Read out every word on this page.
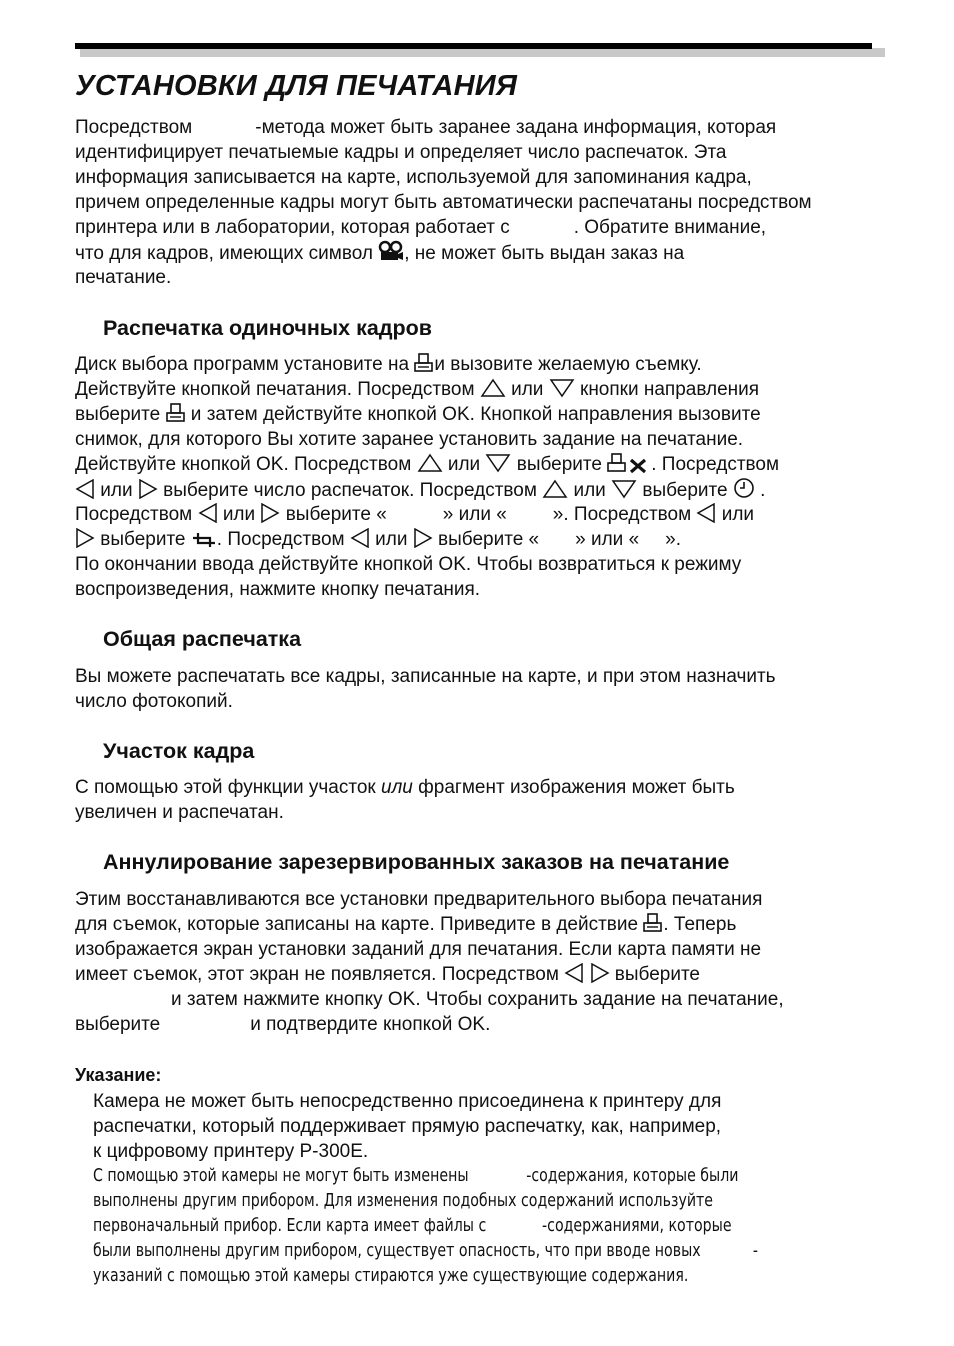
УСТАНОВКИ ДЛЯ ПЕЧАТАНИЯ

Посредством	-метода может быть заранее задана информация, которая

идентифицирует печатыемые кадры и определяет число распечаток. Эта

информация записывается на карте, используемой для запоминания кадра,

причем определенные кадры могут быть автоматически распечатаны посредством

принтера или в лаборатории, которая работает с	. Обратите внимание,

что для кадров, имеющих символ , не может быть выдан заказ на

печатание.

Распечатка одиночных кадров

Диск выбора программ установите на и вызовите желаемую съемку.

Действуйте кнопкой печатания. Посредством или кнопки направления

выберите и затем действуйте кнопкой OK. Кнопкой направления вызовите

снимок, для которого Вы хотите заранее установить задание на печатание.

Действуйте кнопкой OK. Посредством или выберите	. Посредством

или выберите число распечаток. Посредством или выберите .

Посредством или выберите «	» или « ». Посредством или

выберите . Посредством или выберите « » или « ».

По окончании ввода действуйте кнопкой OK. Чтобы возвратиться к режиму

воспроизведения, нажмите кнопку печатания.

Общая распечатка

Вы можете распечатать все кадры, записанные на карте, и при этом назначить

число фотокопий.

Участок кадра

С помощью этой функции участок или фрагмент изображения может быть

увеличен и распечатан.

Аннулирование зарезервированных заказов на печатание

Этим восстанавливаются все установки предварительного выбора печатания

для съемок, которые записаны на карте. Приведите в действие . Теперь

изображается экран установки заданий для печатания. Если карта памяти не

имеет съемок, этот экран не появляется. Посредством	выберите

и затем нажмите кнопку OK. Чтобы сохранить задание на печатание,

выберите	и подтвердите кнопкой OK.

Указание:

Камера не может быть непосредственно присоединена к принтеру для

распечатки, который поддерживает прямую распечатку, как, например,

к цифровому принтеру P-300E.

С помощью этой камеры не могут быть изменены	-содержания, которые были

выполнены другим прибором. Для изменения подобных содержаний используйте

первоначальный прибор. Если карта имеет файлы с	-содержаниями, которые

были выполнены другим прибором, существует опасность, что при вводе новых	-

указаний с помощью этой камеры стираются уже существующие содержания.
